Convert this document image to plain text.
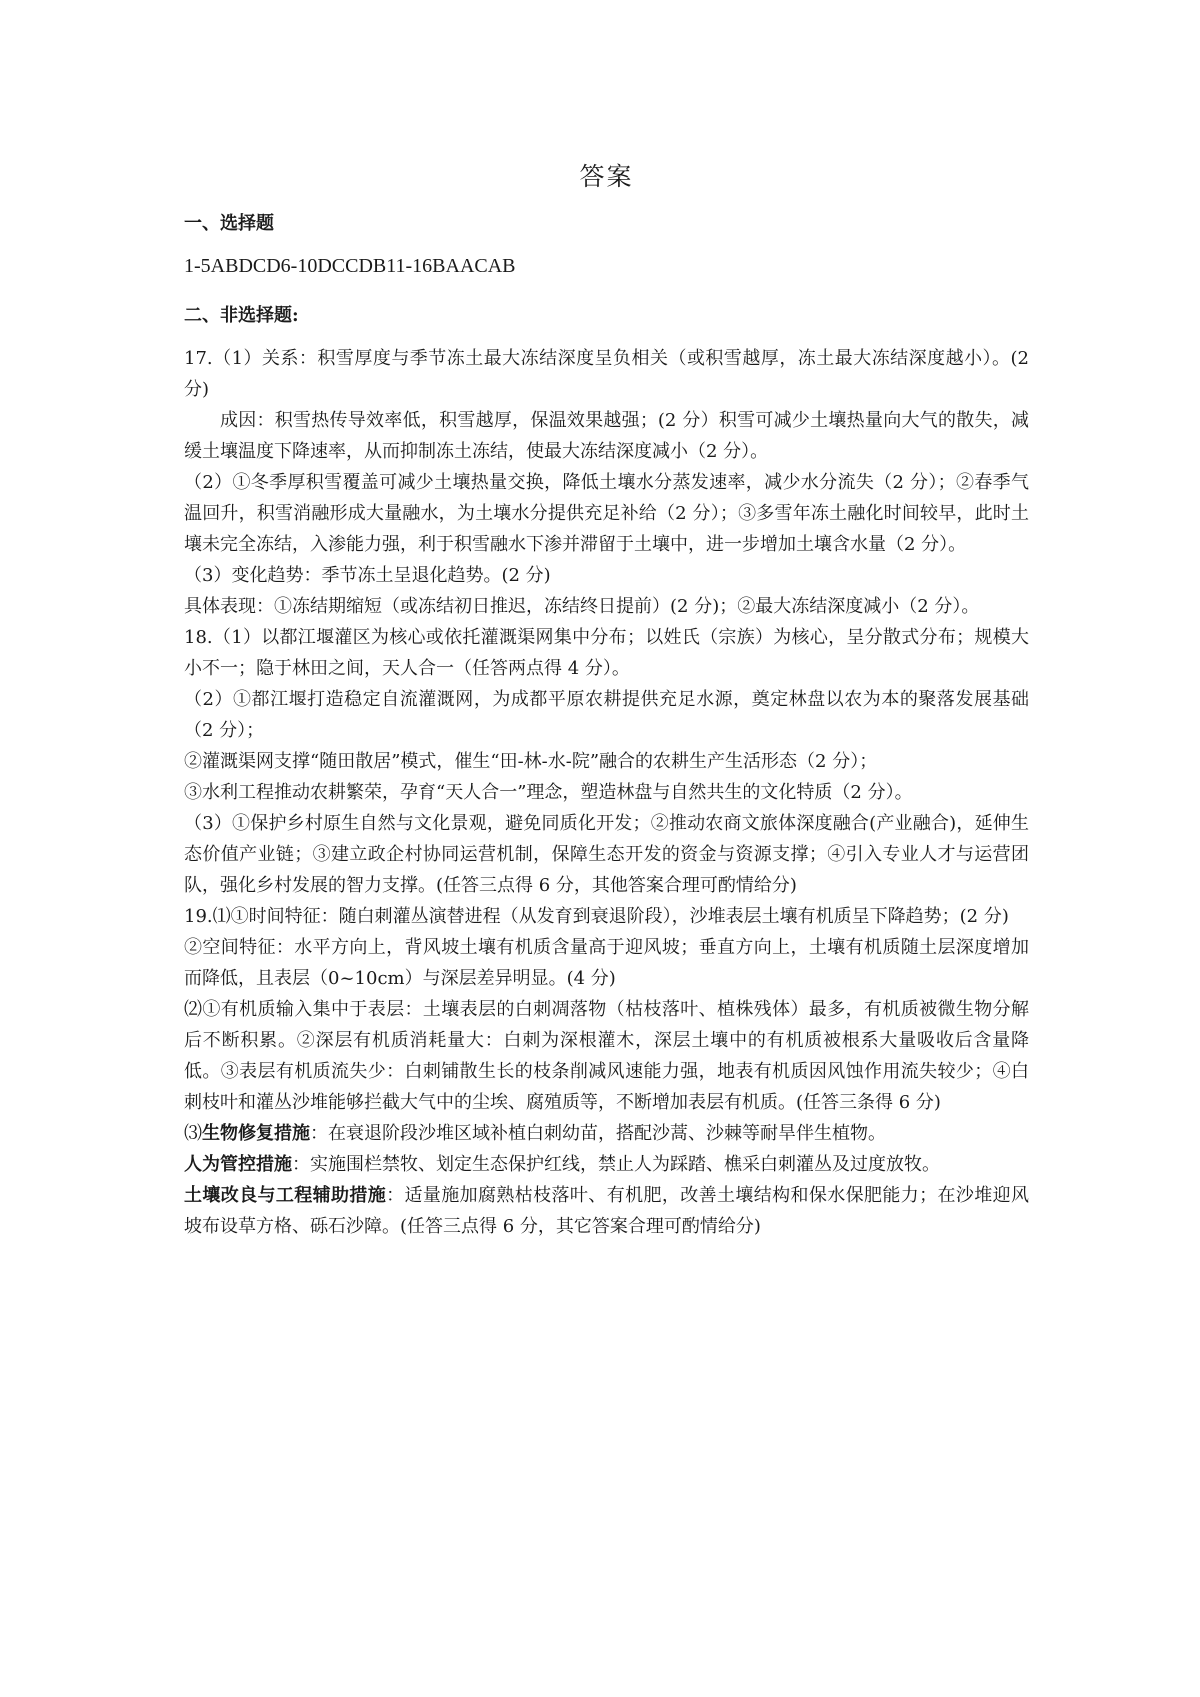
答案
一、选择题
1-5ABDCD6-10DCCDB11-16BAACAB
二、非选择题:

17.（1）关系：积雪厚度与季节冻土最大冻结深度呈负相关（或积雪越厚，冻土最大冻结深度越小）。(2 分)

成因：积雪热传导效率低，积雪越厚，保温效果越强；(2 分）积雪可减少土壤热量向大气的散失，减缓土壤温度下降速率，从而抑制冻土冻结，使最大冻结深度减小（2 分）。

（2）①冬季厚积雪覆盖可减少土壤热量交换，降低土壤水分蒸发速率，减少水分流失（2 分）；②春季气温回升，积雪消融形成大量融水，为土壤水分提供充足补给（2 分）；③多雪年冻土融化时间较早，此时土壤未完全冻结，入渗能力强，利于积雪融水下渗并滞留于土壤中，进一步增加土壤含水量（2 分）。

（3）变化趋势：季节冻土呈退化趋势。(2 分)

具体表现：①冻结期缩短（或冻结初日推迟，冻结终日提前）(2 分)；②最大冻结深度减小（2 分）。

18.（1）以都江堰灌区为核心或依托灌溉渠网集中分布；以姓氏（宗族）为核心，呈分散式分布；规模大小不一；隐于林田之间，天人合一（任答两点得 4 分）。

（2）①都江堰打造稳定自流灌溉网，为成都平原农耕提供充足水源，奠定林盘以农为本的聚落发展基础（2 分）；

②灌溉渠网支撑“随田散居”模式，催生“田-林-水-院”融合的农耕生产生活形态（2 分）；

③水利工程推动农耕繁荣，孕育“天人合一”理念，塑造林盘与自然共生的文化特质（2 分）。

（3）①保护乡村原生自然与文化景观，避免同质化开发；②推动农商文旅体深度融合(产业融合)，延伸生态价值产业链；③建立政企村协同运营机制，保障生态开发的资金与资源支撑；④引入专业人才与运营团队，强化乡村发展的智力支撑。(任答三点得 6 分，其他答案合理可酌情给分)

19.⑴①时间特征：随白刺灌丛演替进程（从发育到衰退阶段），沙堆表层土壤有机质呈下降趋势；(2 分)

②空间特征：水平方向上，背风坡土壤有机质含量高于迎风坡；垂直方向上，土壤有机质随土层深度增加而降低，且表层（0~10cm）与深层差异明显。(4 分)

⑵①有机质输入集中于表层：土壤表层的白刺凋落物（枯枝落叶、植株残体）最多，有机质被微生物分解后不断积累。②深层有机质消耗量大：白刺为深根灌木，深层土壤中的有机质被根系大量吸收后含量降低。③表层有机质流失少：白刺铺散生长的枝条削减风速能力强，地表有机质因风蚀作用流失较少；④白刺枝叶和灌丛沙堆能够拦截大气中的尘埃、腐殖质等，不断增加表层有机质。(任答三条得 6 分)

⑶生物修复措施：在衰退阶段沙堆区域补植白刺幼苗，搭配沙蒿、沙棘等耐旱伴生植物。

人为管控措施：实施围栏禁牧、划定生态保护红线，禁止人为踩踏、樵采白刺灌丛及过度放牧。

土壤改良与工程辅助措施：适量施加腐熟枯枝落叶、有机肥，改善土壤结构和保水保肥能力；在沙堆迎风坡布设草方格、砾石沙障。(任答三点得 6 分，其它答案合理可酌情给分)
